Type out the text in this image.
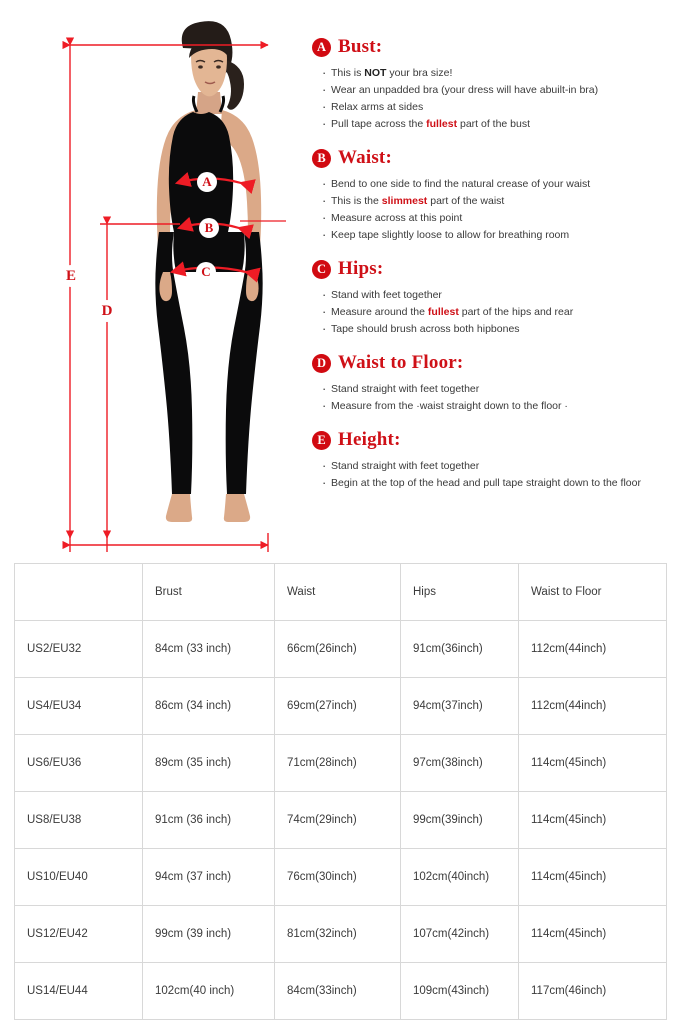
A
B
C
D
E
A Bust:
· This is NOT your bra size!
· Wear an unpadded bra (your dress will have abuilt-in bra)
· Relax arms at sides
· Pull tape across the fullest part of the bust
B Waist:
· Bend to one side to find the natural crease of your waist
· This is the slimmest part of the waist
· Measure across at this point
· Keep tape slightly loose to allow for breathing room
C Hips:
· Stand with feet together
· Measure around the fullest part of the hips and rear
· Tape should brush across both hipbones
D Waist to Floor:
· Stand straight with feet together
· Measure from the ·waist straight down to the floor ·
E Height:
· Stand straight with feet together
· Begin at the top of the head and pull tape straight down to the floor
	Brust	Waist	Hips	Waist to Floor
US2/EU32	84cm (33 inch)	66cm(26inch)	91cm(36inch)	112cm(44inch)
US4/EU34	86cm (34 inch)	69cm(27inch)	94cm(37inch)	112cm(44inch)
US6/EU36	89cm (35 inch)	71cm(28inch)	97cm(38inch)	114cm(45inch)
US8/EU38	91cm (36 inch)	74cm(29inch)	99cm(39inch)	114cm(45inch)
US10/EU40	94cm (37 inch)	76cm(30inch)	102cm(40inch)	114cm(45inch)
US12/EU42	99cm (39 inch)	81cm(32inch)	107cm(42inch)	114cm(45inch)
US14/EU44	102cm(40 inch)	84cm(33inch)	109cm(43inch)	117cm(46inch)
